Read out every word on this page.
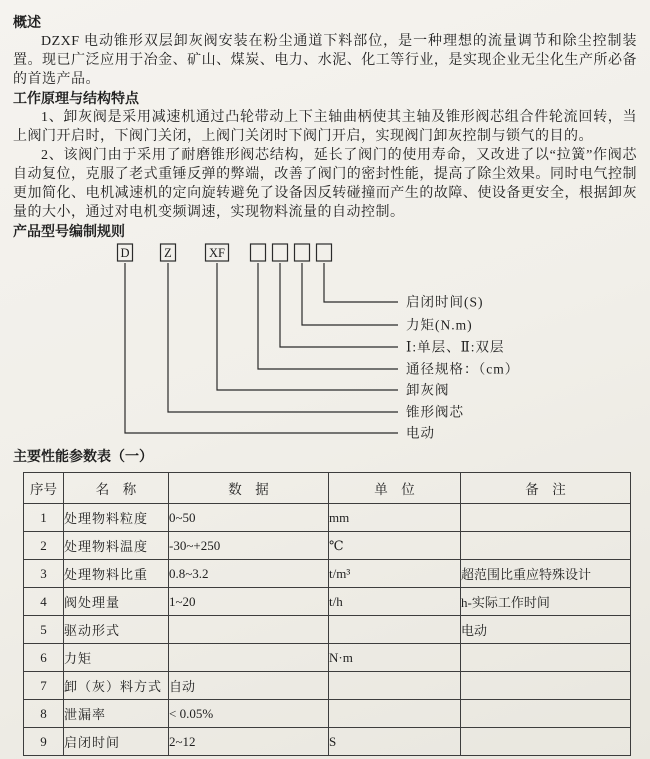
概述

DZXF 电动锥形双层卸灰阀安装在粉尘通道下料部位，是一种理想的流量调节和除尘控制装置。现已广泛应用于冶金、矿山、煤炭、电力、水泥、化工等行业，是实现企业无尘化生产所必备的首选产品。

工作原理与结构特点

1、卸灰阀是采用减速机通过凸轮带动上下主轴曲柄使其主轴及锥形阀芯组合件轮流回转，当上阀门开启时，下阀门关闭，上阀门关闭时下阀门开启，实现阀门卸灰控制与锁气的目的。

2、该阀门由于采用了耐磨锥形阀芯结构，延长了阀门的使用寿命，又改进了以“拉簧”作阀芯自动复位，克服了老式重锤反弹的弊端，改善了阀门的密封性能，提高了除尘效果。同时电气控制更加简化、电机减速机的定向旋转避免了设备因反转碰撞而产生的故障、使设备更安全，根据卸灰量的大小，通过对电机变频调速，实现物料流量的自动控制。

产品型号编制规则
D
电动
Z
锥形阀芯
XF
卸灰阀
通径规格：（cm）
Ⅰ:单层、Ⅱ:双层
力矩(N.m)
启闭时间(S)
主要性能参数表（一）
序号	名　称	数　据	单　位	备　注
1	处理物料粒度	0~50	mm	
2	处理物料温度	-30~+250	℃	
3	处理物料比重	0.8~3.2	t/m³	超范围比重应特殊设计
4	阀处理量	1~20	t/h	h-实际工作时间
5	驱动形式			电动
6	力矩		N·m	
7	卸（灰）料方式	自动		
8	泄漏率	< 0.05%		
9	启闭时间	2~12	S	
